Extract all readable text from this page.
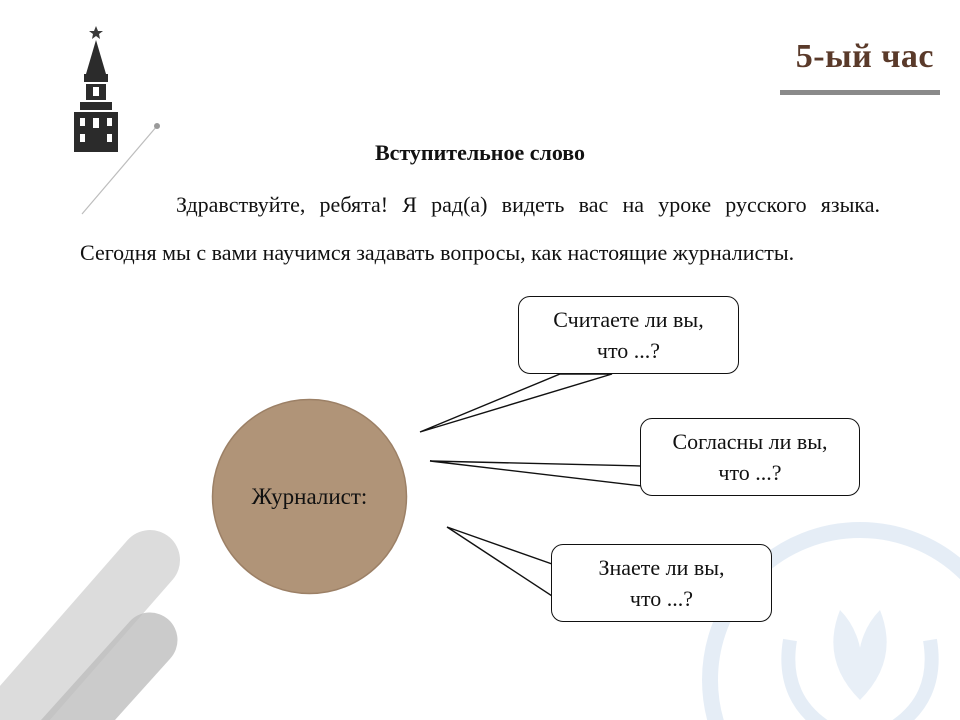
5-ый час
Вступительное слово
Здравствуйте, ребята! Я рад(а) видеть вас на уроке русского языка. Сегодня мы с вами научимся задавать вопросы, как настоящие журналисты.
Журналист:
Считаете ли вы,
что ...?
Согласны ли вы,
что ...?
Знаете ли вы,
что ...?
